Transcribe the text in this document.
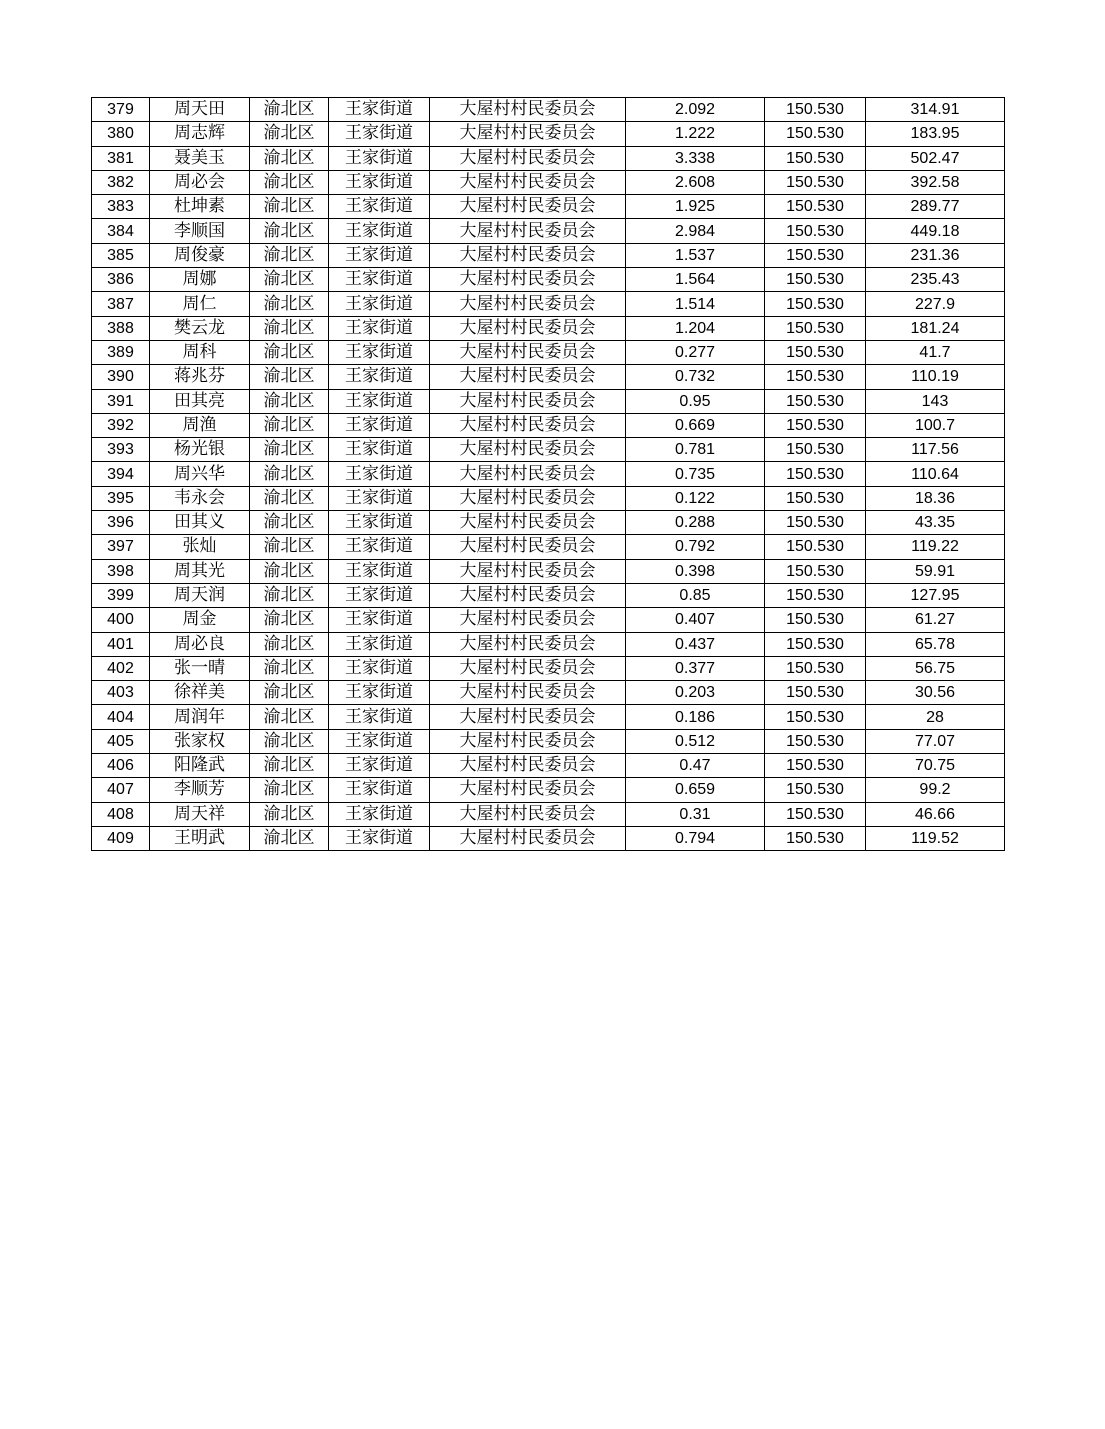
379	周天田	渝北区	王家街道	大屋村村民委员会	2.092	150.530	314.91
380	周志辉	渝北区	王家街道	大屋村村民委员会	1.222	150.530	183.95
381	聂美玉	渝北区	王家街道	大屋村村民委员会	3.338	150.530	502.47
382	周必会	渝北区	王家街道	大屋村村民委员会	2.608	150.530	392.58
383	杜坤素	渝北区	王家街道	大屋村村民委员会	1.925	150.530	289.77
384	李顺国	渝北区	王家街道	大屋村村民委员会	2.984	150.530	449.18
385	周俊豪	渝北区	王家街道	大屋村村民委员会	1.537	150.530	231.36
386	周娜	渝北区	王家街道	大屋村村民委员会	1.564	150.530	235.43
387	周仁	渝北区	王家街道	大屋村村民委员会	1.514	150.530	227.9
388	樊云龙	渝北区	王家街道	大屋村村民委员会	1.204	150.530	181.24
389	周科	渝北区	王家街道	大屋村村民委员会	0.277	150.530	41.7
390	蒋兆芬	渝北区	王家街道	大屋村村民委员会	0.732	150.530	110.19
391	田其亮	渝北区	王家街道	大屋村村民委员会	0.95	150.530	143
392	周渔	渝北区	王家街道	大屋村村民委员会	0.669	150.530	100.7
393	杨光银	渝北区	王家街道	大屋村村民委员会	0.781	150.530	117.56
394	周兴华	渝北区	王家街道	大屋村村民委员会	0.735	150.530	110.64
395	韦永会	渝北区	王家街道	大屋村村民委员会	0.122	150.530	18.36
396	田其义	渝北区	王家街道	大屋村村民委员会	0.288	150.530	43.35
397	张灿	渝北区	王家街道	大屋村村民委员会	0.792	150.530	119.22
398	周其光	渝北区	王家街道	大屋村村民委员会	0.398	150.530	59.91
399	周天润	渝北区	王家街道	大屋村村民委员会	0.85	150.530	127.95
400	周金	渝北区	王家街道	大屋村村民委员会	0.407	150.530	61.27
401	周必良	渝北区	王家街道	大屋村村民委员会	0.437	150.530	65.78
402	张一晴	渝北区	王家街道	大屋村村民委员会	0.377	150.530	56.75
403	徐祥美	渝北区	王家街道	大屋村村民委员会	0.203	150.530	30.56
404	周润年	渝北区	王家街道	大屋村村民委员会	0.186	150.530	28
405	张家权	渝北区	王家街道	大屋村村民委员会	0.512	150.530	77.07
406	阳隆武	渝北区	王家街道	大屋村村民委员会	0.47	150.530	70.75
407	李顺芳	渝北区	王家街道	大屋村村民委员会	0.659	150.530	99.2
408	周天祥	渝北区	王家街道	大屋村村民委员会	0.31	150.530	46.66
409	王明武	渝北区	王家街道	大屋村村民委员会	0.794	150.530	119.52
